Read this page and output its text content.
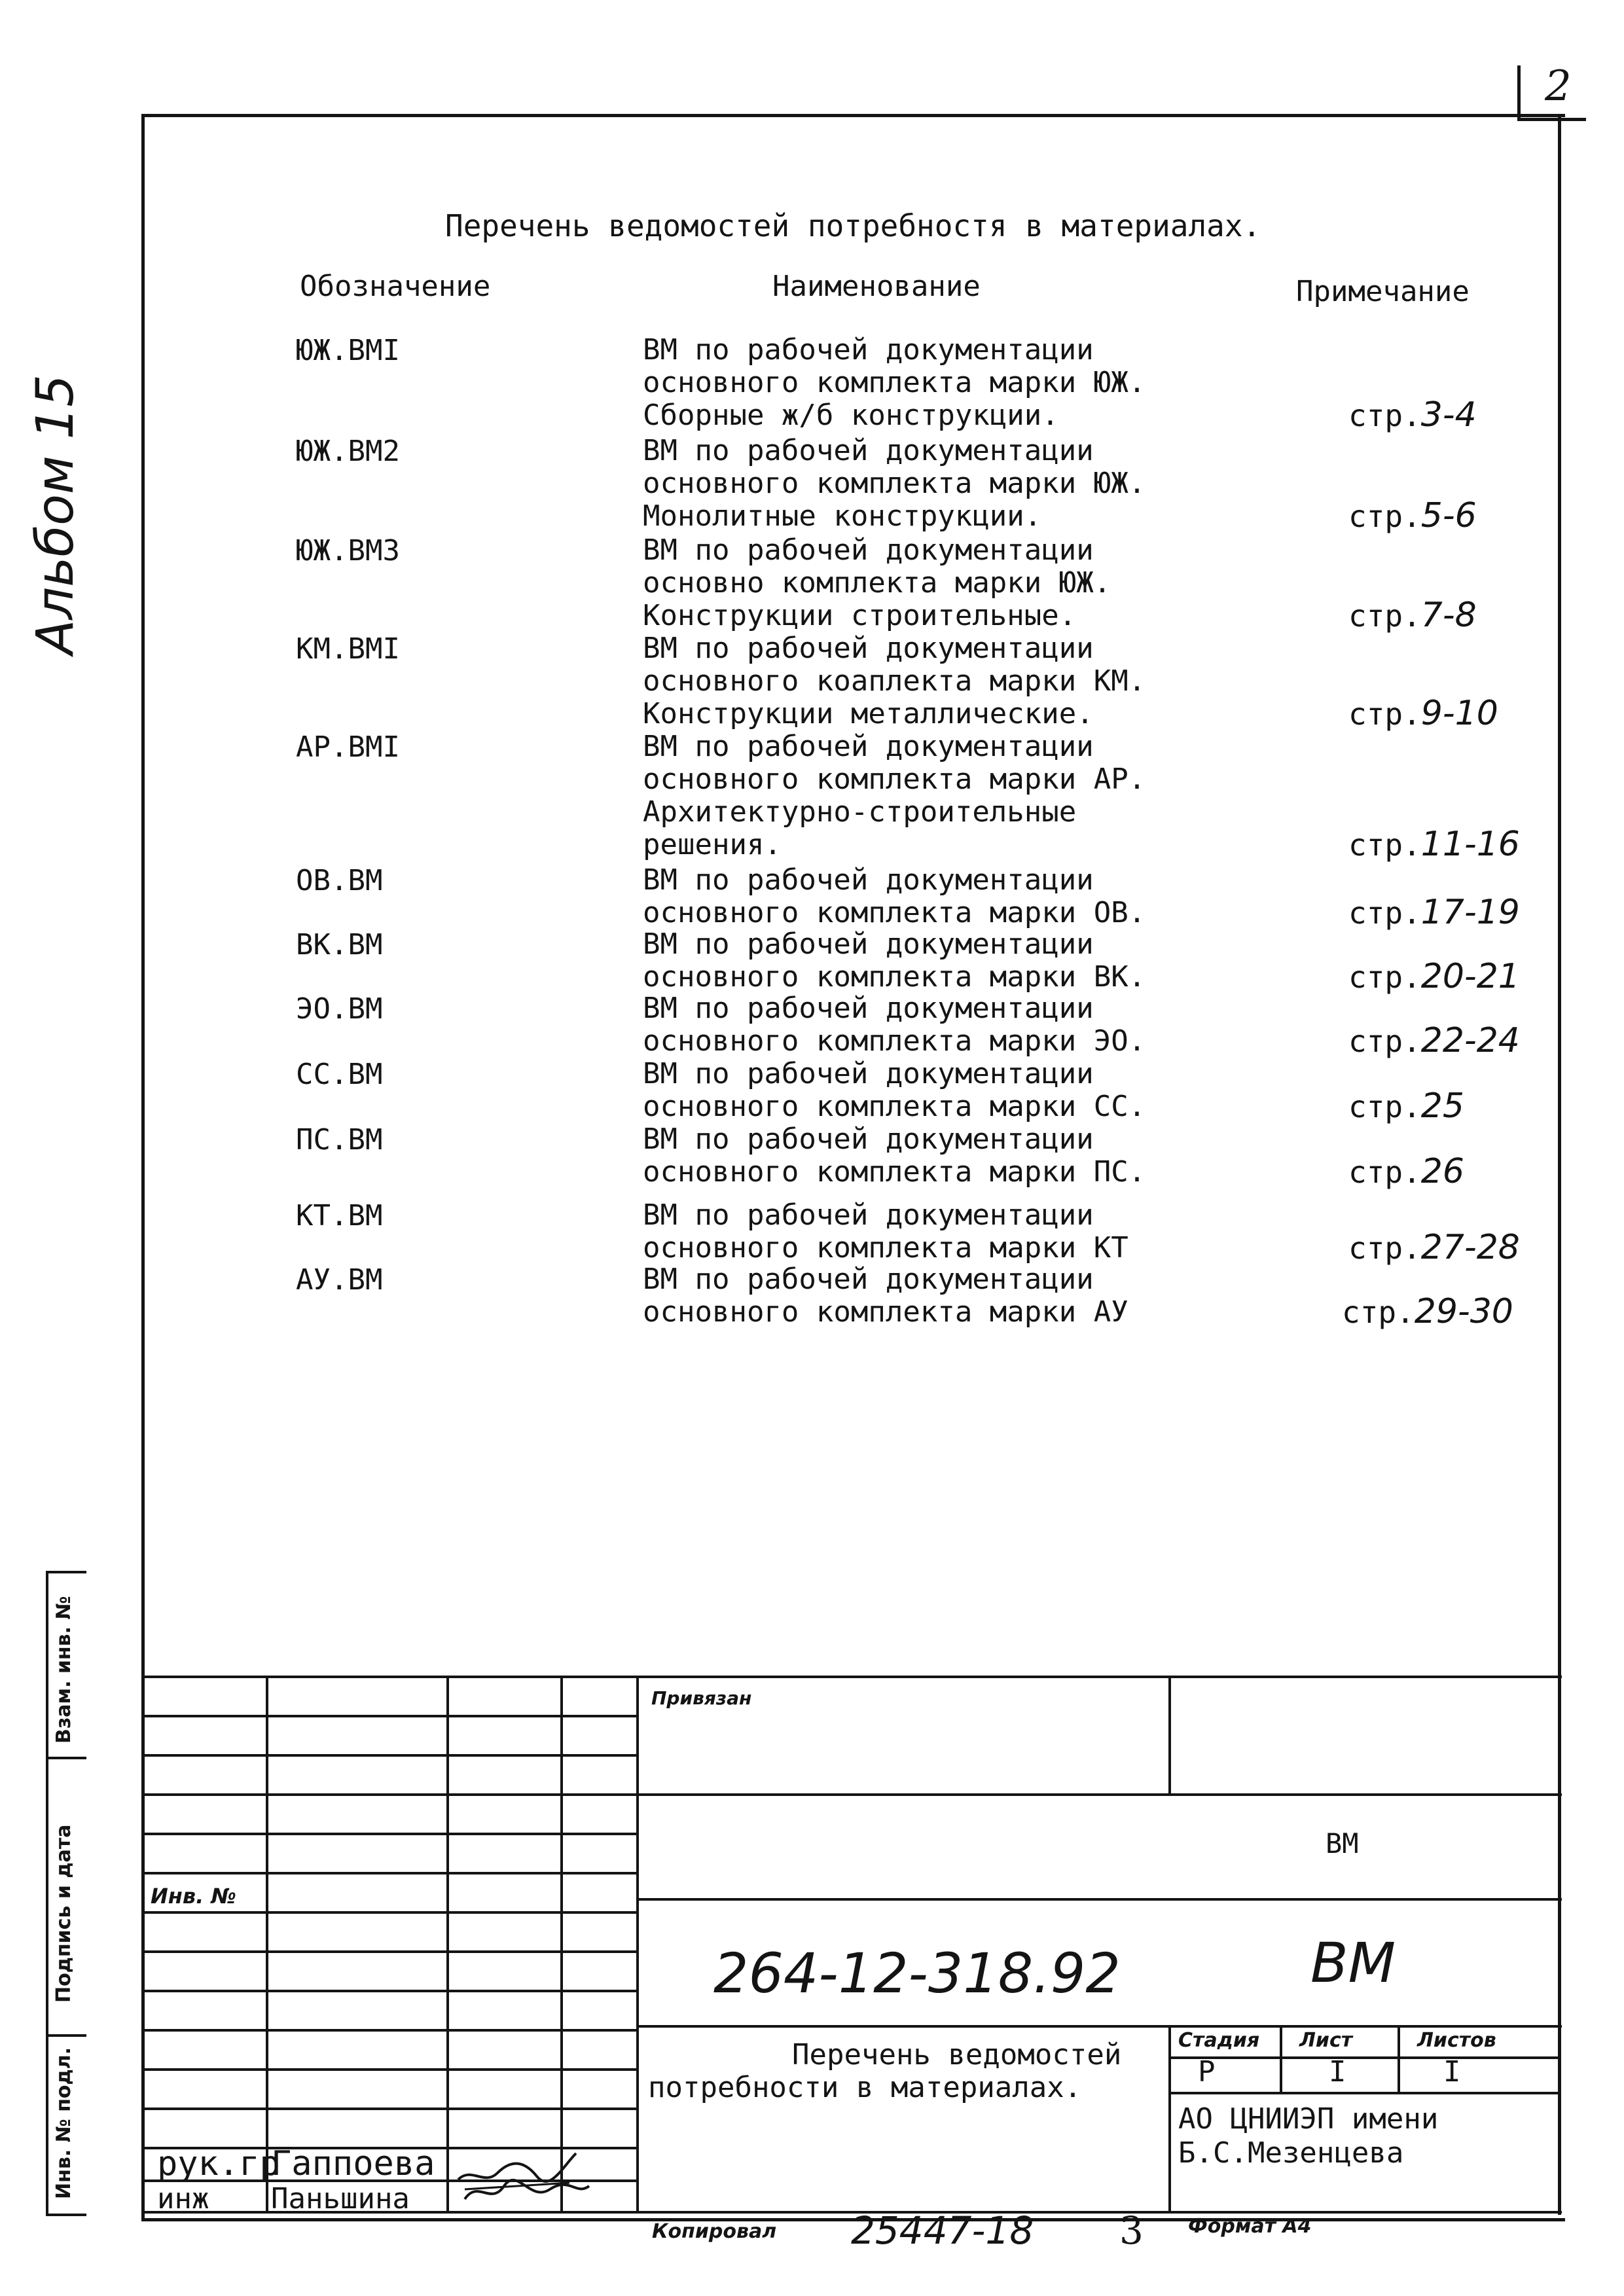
2
Альбом 15
Перечень ведомостей потребностя в материалах.
Обозначение	Наименование	Примечание
ЮЖ.ВМI	ВМ по рабочей документации
основного комплекта марки ЮЖ.
Сборные ж/б конструкции.	стр.3-4
ЮЖ.ВМ2	ВМ по рабочей документации
основного комплекта марки ЮЖ.
Монолитные конструкции.	стр.5-6
ЮЖ.ВМ3	ВМ по рабочей документации
основно комплекта марки ЮЖ.
Конструкции строительные.	стр.7-8
КМ.ВМI	ВМ по рабочей документации
основного коаплекта марки КМ.
Конструкции металлические.	стр.9-10
АР.ВМI	ВМ по рабочей документации
основного комплекта марки АР.
Архитектурно-строительные
решения.	стр.11-16
ОВ.ВМ	ВМ по рабочей документации
основного комплекта марки ОВ.	стр.17-19
ВК.ВМ	ВМ по рабочей документации
основного комплекта марки ВК.	стр.20-21
ЭО.ВМ	ВМ по рабочей документации
основного комплекта марки ЭО.	стр.22-24
СС.ВМ	ВМ по рабочей документации
основного комплекта марки СС.	стр.25
ПС.ВМ	ВМ по рабочей документации
основного комплекта марки ПС.	стр.26
КТ.ВМ	ВМ по рабочей документации
основного комплекта марки КТ	стр.27-28
АУ.ВМ	ВМ по рабочей документации
основного комплекта марки АУ	стр.29-30
Привязан
Инв. №
ВМ
264-12-318.92	ВМ
Перечень ведомостей
потребности в материалах.
Стадия Лист	Листов
Р	I	I
АО ЦНИИЭП имени
Б.С.Мезенцева
рук.гр
Гаппоева
инж Паньшина
Копировал 25447-18 3 Формат А4
Взам. инв. №
Подпись и дата
Инв. № подл.
